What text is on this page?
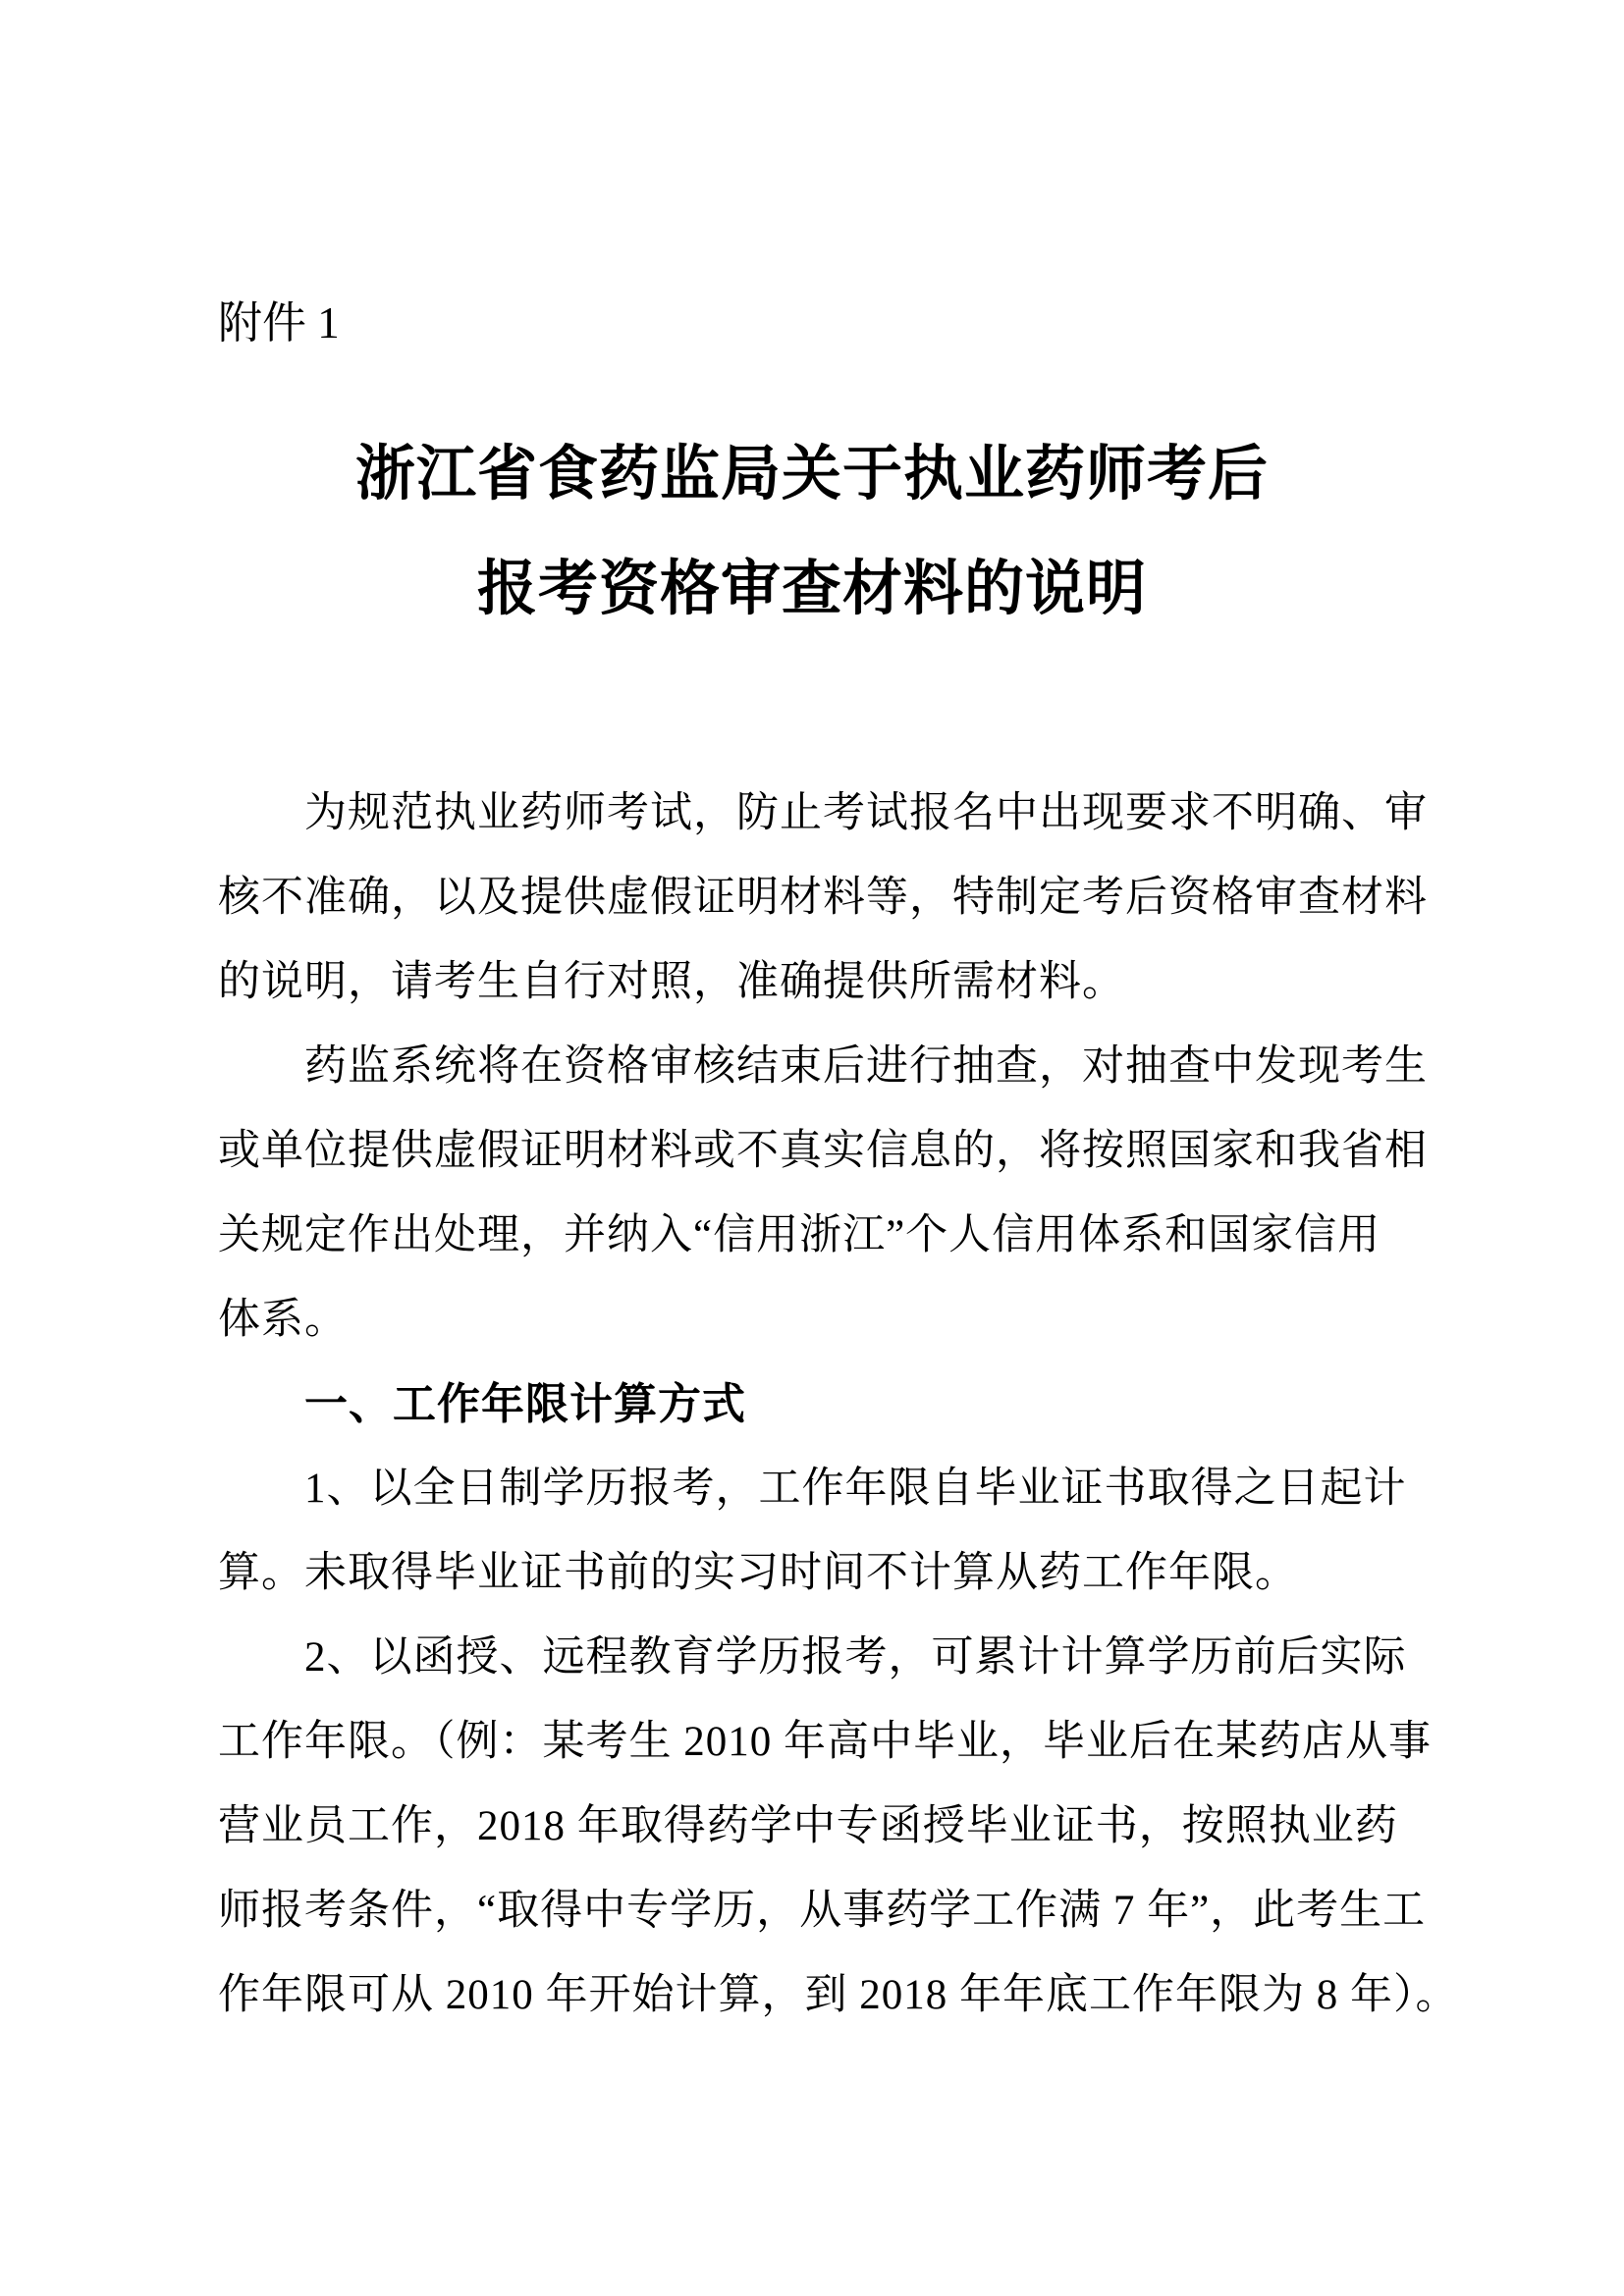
附件 1
浙江省食药监局关于执业药师考后
报考资格审查材料的说明
为规范执业药师考试，防止考试报名中出现要求不明确、审
核不准确，以及提供虚假证明材料等，特制定考后资格审查材料
的说明，请考生自行对照，准确提供所需材料。
药监系统将在资格审核结束后进行抽查，对抽查中发现考生
或单位提供虚假证明材料或不真实信息的，将按照国家和我省相
关规定作出处理，并纳入“信用浙江”个人信用体系和国家信用
体系。
一、工作年限计算方式
1、以全日制学历报考，工作年限自毕业证书取得之日起计
算。未取得毕业证书前的实习时间不计算从药工作年限。
2、以函授、远程教育学历报考，可累计计算学历前后实际
工作年限。（例：某考生 2010 年高中毕业，毕业后在某药店从事
营业员工作，2018 年取得药学中专函授毕业证书，按照执业药
师报考条件，“取得中专学历，从事药学工作满 7 年”，此考生工
作年限可从 2010 年开始计算，到 2018 年年底工作年限为 8 年）。
